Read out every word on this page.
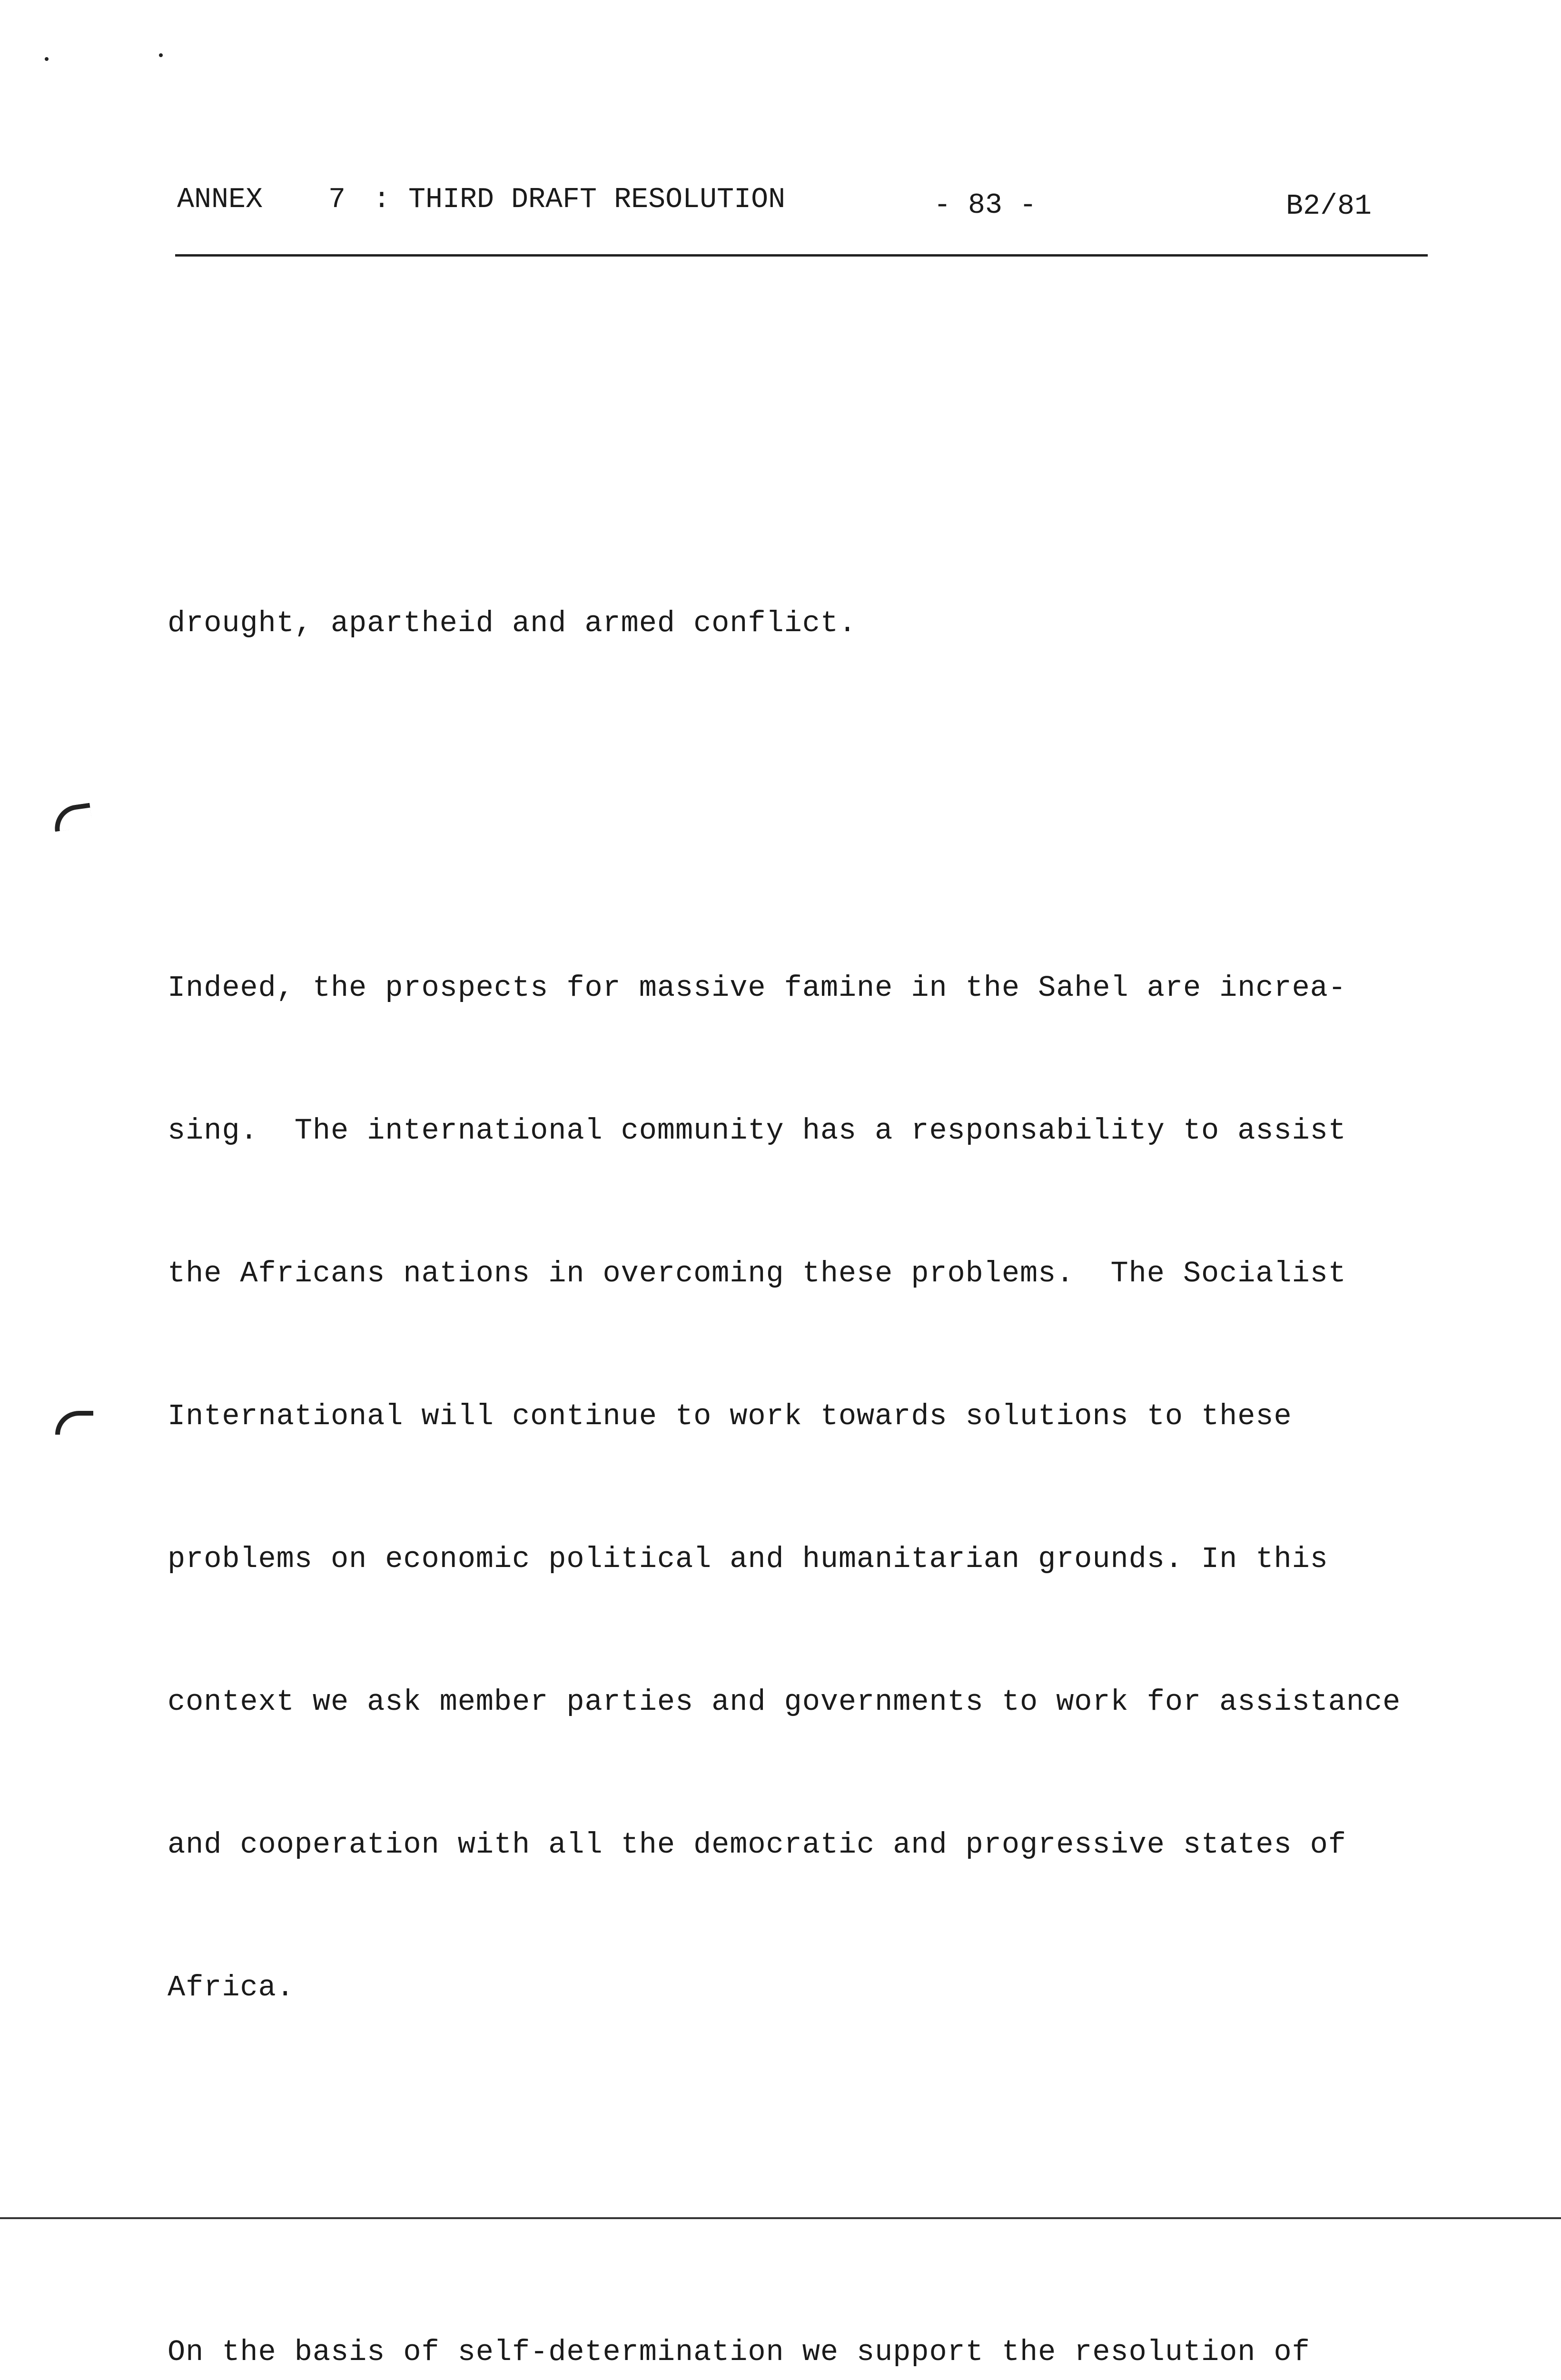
ANNEX

7

:

THIRD DRAFT RESOLUTION

	- 83 -

	B2/81

drought, apartheid and armed conflict.

Indeed, the prospects for massive famine in the Sahel are increa-

sing.  The international community has a responsability to assist

the Africans nations in overcoming these problems.  The Socialist

International will continue to work towards solutions to these

problems on economic political and humanitarian grounds. In this

context we ask member parties and governments to work for assistance

and cooperation with all the democratic and progressive states of

Africa.

On the basis of self-determination we support the resolution of
